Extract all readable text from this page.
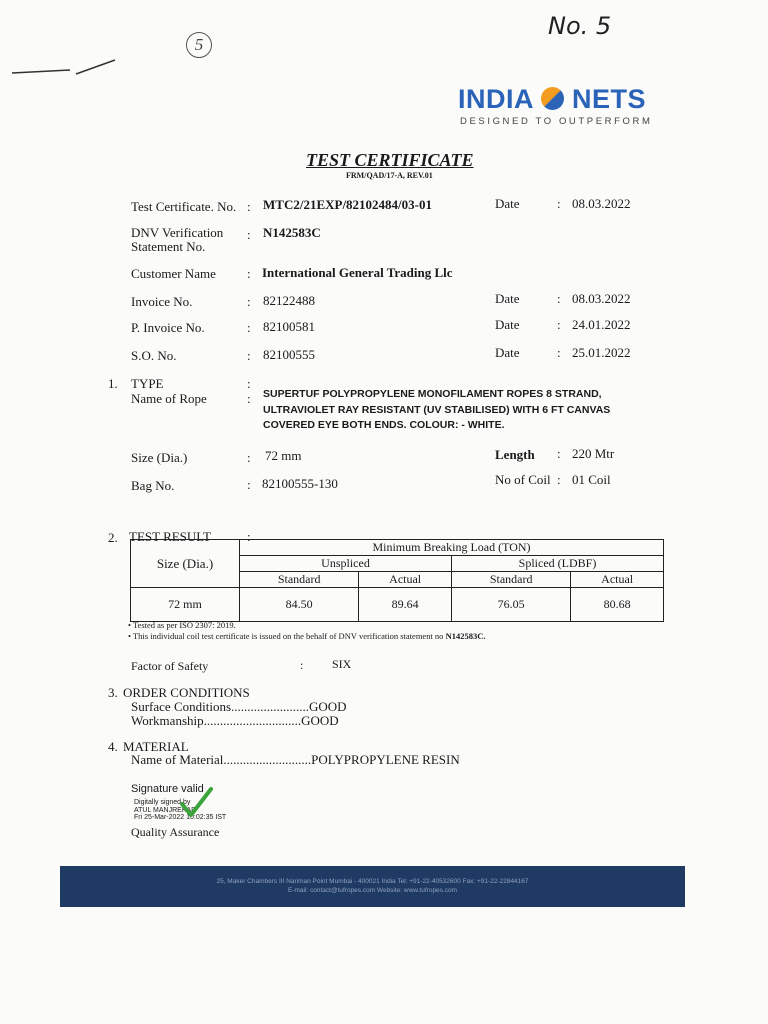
No. 5
5
INDIA NETS
DESIGNED TO OUTPERFORM
TEST CERTIFICATE
FRM/QAD/17-A, REV.01
Test Certificate. No. : MTC2/21EXP/82102484/03-01	Date	: 08.03.2022
DNV Verification
Statement No.
: N142583C
Customer Name : International General Trading Llc
Invoice No.	: 82122488	Date	: 08.03.2022
P. Invoice No.	: 82100581	Date	: 24.01.2022
S.O. No.	: 82100555	Date	: 25.01.2022
1. TYPE	:
Name of Rope	: SUPERTUF POLYPROPYLENE MONOFILAMENT ROPES 8 STRAND,
ULTRAVIOLET RAY RESISTANT (UV STABILISED) WITH 6 FT CANVAS
COVERED EYE BOTH ENDS. COLOUR: - WHITE.
Size (Dia.)	: 72 mm	Length : 220 Mtr
Bag No.	: 82100555-130	No of Coil : 01 Coil
2. TEST RESULT	:
Size (Dia.)	Minimum Breaking Load (TON)			
	Unspliced		Spliced (LDBF)	
	Standard	Actual	Standard	Actual
72 mm	84.50	89.64	76.05	80.68
• Tested as per ISO 2307: 2019.
• This individual coil test certificate is issued on the behalf of DNV verification statement no N142583C.
Factor of Safety	: SIX
3. ORDER CONDITIONS
Surface Conditions........................GOOD
Workmanship..............................GOOD
4. MATERIAL
Name of Material...........................POLYPROPYLENE RESIN
Signature valid
Digitally signed by
ATUL MANJREKAR
Fri 25-Mar-2022 10:02:35 IST
Quality Assurance
25, Maker Chambers III Nariman Point Mumbai - 400021 India Tel: +91-22-40532600 Fax: +91-22-22844167
E-mail: contact@tufropes.com Website: www.tufropes.com
